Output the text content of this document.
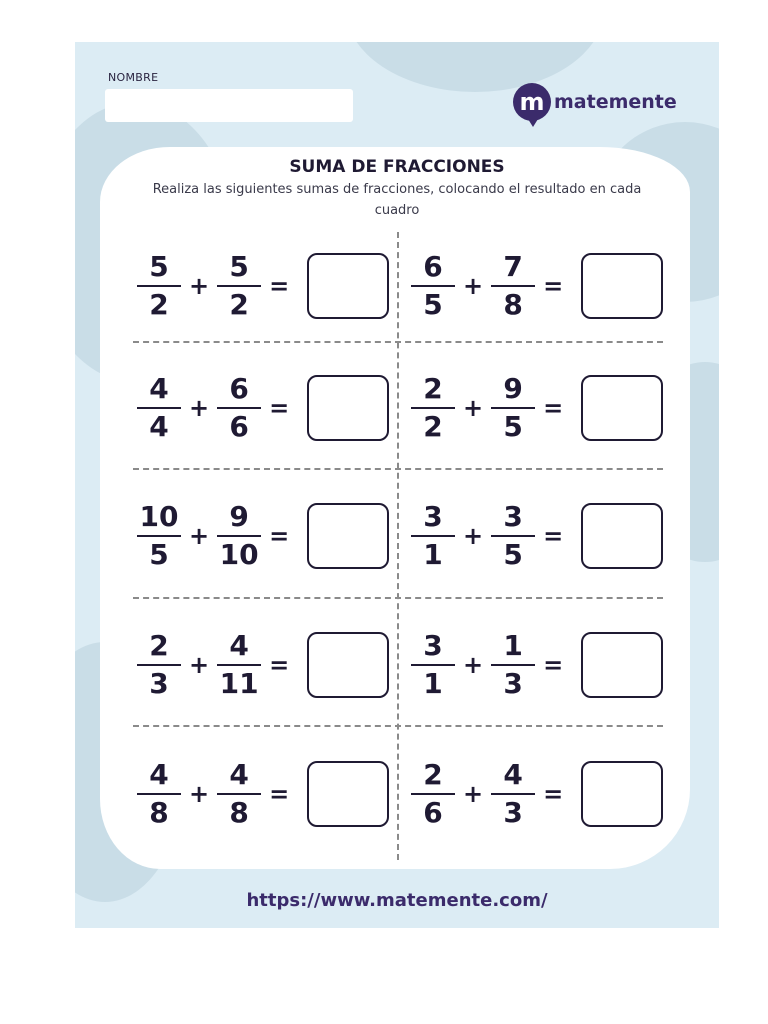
NOMBRE
m matemente
SUMA DE FRACCIONES
Realiza las siguientes sumas de fracciones, colocando el resultado en cada cuadro
$\frac{5}{2} + \frac{5}{2}$ =	$\frac{6}{5} + \frac{7}{8}$ =
$\frac{4}{4} + \frac{6}{6}$ =	$\frac{2}{2} + \frac{9}{5}$ =
$\frac{10}{5} + \frac{9}{10}$ =	$\frac{3}{1} + \frac{3}{5}$ =
$\frac{2}{3} + \frac{4}{11}$ =	$\frac{3}{1} + \frac{1}{3}$ =
$\frac{4}{8} + \frac{4}{8}$ =	$\frac{2}{6} + \frac{4}{3}$ =
https://www.matemente.com/
